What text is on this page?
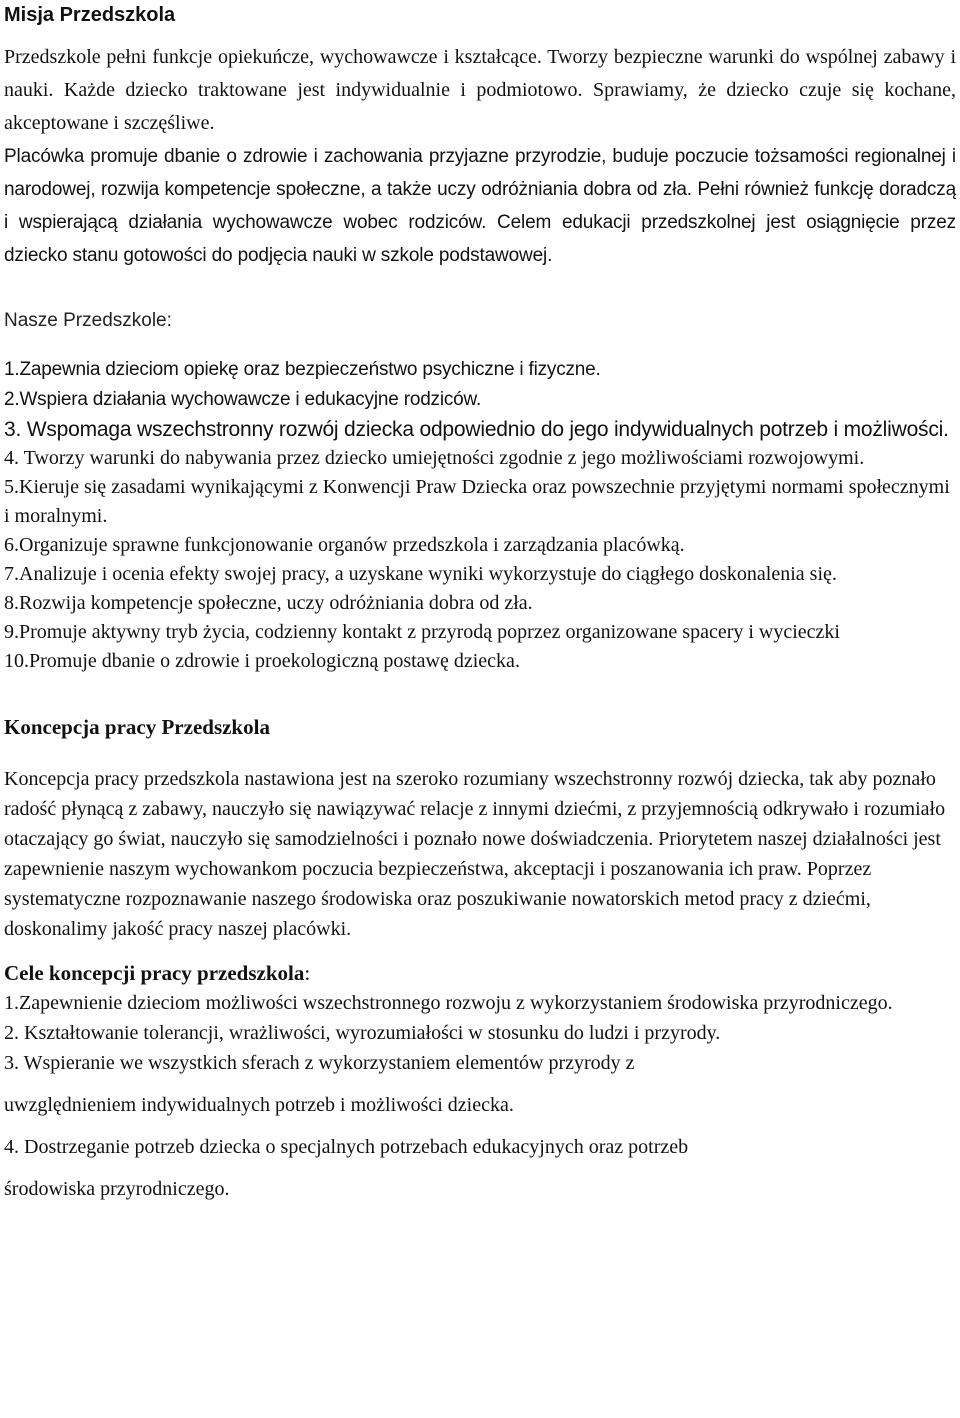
Misja Przedszkola

Przedszkole pełni funkcje opiekuńcze, wychowawcze i kształcące. Tworzy bezpieczne warunki do wspólnej zabawy i nauki. Każde dziecko traktowane jest indywidualnie i podmiotowo. Sprawiamy, że dziecko czuje się kochane, akceptowane i szczęśliwe.

Placówka promuje dbanie o zdrowie i zachowania przyjazne przyrodzie, buduje poczucie tożsamości regionalnej i narodowej, rozwija kompetencje społeczne, a także uczy odróżniania dobra od zła. Pełni również funkcję doradczą i wspierającą działania wychowawcze wobec rodziców. Celem edukacji przedszkolnej jest osiągnięcie przez dziecko stanu gotowości do podjęcia nauki w szkole podstawowej.

Nasze Przedszkole:

1.Zapewnia dzieciom opiekę oraz bezpieczeństwo psychiczne i fizyczne.

2.Wspiera działania wychowawcze i edukacyjne rodziców.

3. Wspomaga wszechstronny rozwój dziecka odpowiednio do jego indywidualnych potrzeb i możliwości.

4. Tworzy warunki do nabywania przez dziecko umiejętności zgodnie z jego możliwościami rozwojowymi.

5.Kieruje się zasadami wynikającymi z Konwencji Praw Dziecka oraz powszechnie przyjętymi normami społecznymi i moralnymi.

6.Organizuje sprawne funkcjonowanie organów przedszkola i zarządzania placówką.

7.Analizuje i ocenia efekty swojej pracy, a uzyskane wyniki wykorzystuje do ciągłego doskonalenia się.

8.Rozwija kompetencje społeczne, uczy odróżniania dobra od zła.

9.Promuje aktywny tryb życia, codzienny kontakt z przyrodą poprzez organizowane spacery i wycieczki

10.Promuje dbanie o zdrowie i proekologiczną postawę dziecka.

Koncepcja pracy Przedszkola

Koncepcja pracy przedszkola nastawiona jest na szeroko rozumiany wszechstronny rozwój dziecka, tak aby poznało radość płynącą z zabawy, nauczyło się nawiązywać relacje z innymi dziećmi, z przyjemnością odkrywało i rozumiało otaczający go świat, nauczyło się samodzielności i poznało nowe doświadczenia. Priorytetem naszej działalności jest zapewnienie naszym wychowankom poczucia bezpieczeństwa, akceptacji i poszanowania ich praw. Poprzez systematyczne rozpoznawanie naszego środowiska oraz poszukiwanie nowatorskich metod pracy z dziećmi, doskonalimy jakość pracy naszej placówki.

Cele koncepcji pracy przedszkola:
1.Zapewnienie dzieciom możliwości wszechstronnego rozwoju z wykorzystaniem środowiska przyrodniczego.
2. Kształtowanie tolerancji, wrażliwości, wyrozumiałości w stosunku do ludzi i przyrody.
3. Wspieranie we wszystkich sferach z wykorzystaniem elementów przyrody z
uwzględnieniem indywidualnych potrzeb i możliwości dziecka.
4. Dostrzeganie potrzeb dziecka o specjalnych potrzebach edukacyjnych oraz potrzeb
środowiska przyrodniczego.
